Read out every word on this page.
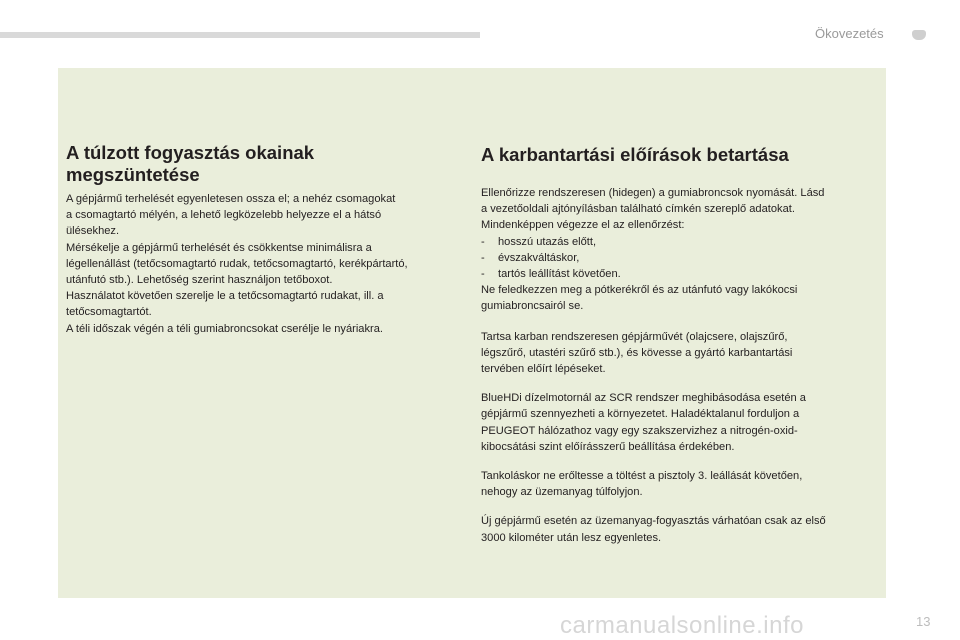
Ökovezetés
A túlzott fogyasztás okainak
megszüntetése

A gépjármű terhelését egyenletesen ossza el; a nehéz csomagokat
a csomagtartó mélyén, a lehető legközelebb helyezze el a hátsó
ülésekhez.
Mérsékelje a gépjármű terhelését és csökkentse minimálisra a
légellenállást (tetőcsomagtartó rudak, tetőcsomagtartó, kerékpártartó,
utánfutó stb.). Lehetőség szerint használjon tetőboxot.
Használatot követően szerelje le a tetőcsomagtartó rudakat, ill. a
tetőcsomagtartót.
A téli időszak végén a téli gumiabroncsokat cserélje le nyáriakra.

A karbantartási előírások betartása
Ellenőrizze rendszeresen (hidegen) a gumiabroncsok nyomását. Lásd
a vezetőoldali ajtónyílásban található címkén szereplő adatokat.
Mindenképpen végezze el az ellenőrzést:
-	hosszú utazás előtt,
-	évszakváltáskor,
-	tartós leállítást követően.
Ne feledkezzen meg a pótkerékről és az utánfutó vagy lakókocsi
gumiabroncsairól se.

Tartsa karban rendszeresen gépjárművét (olajcsere, olajszűrő,
légszűrő, utastéri szűrő stb.), és kövesse a gyártó karbantartási
tervében előírt lépéseket.

BlueHDi dízelmotornál az SCR rendszer meghibásodása esetén a
gépjármű szennyezheti a környezetet. Haladéktalanul forduljon a
PEUGEOT hálózathoz vagy egy szakszervizhez a nitrogén-oxid-
kibocsátási szint előírásszerű beállítása érdekében.

Tankoláskor ne erőltesse a töltést a pisztoly 3. leállását követően,
nehogy az üzemanyag túlfolyjon.

Új gépjármű esetén az üzemanyag-fogyasztás várhatóan csak az első
3000 kilométer után lesz egyenletes.

carmanualsonline.info	13
